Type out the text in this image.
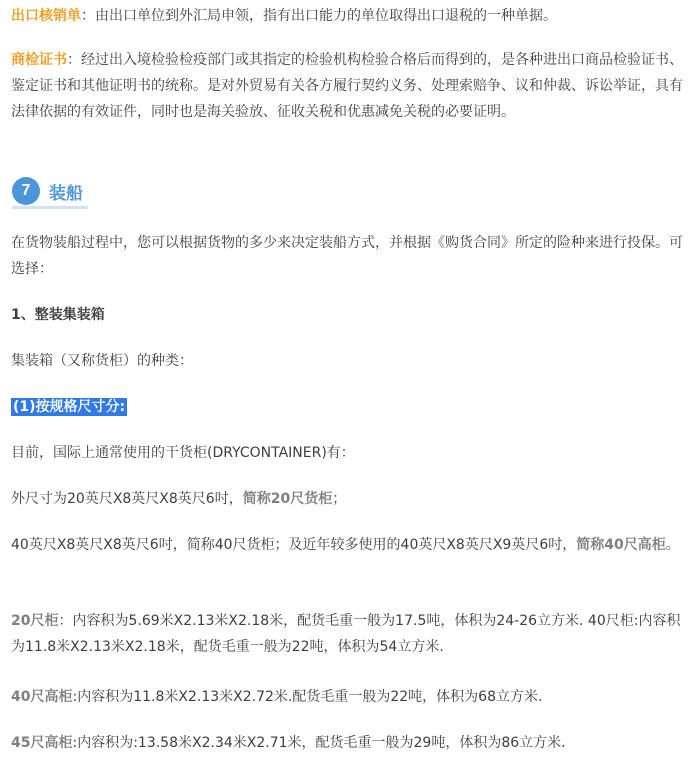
出口核销单：由出口单位到外汇局申领，指有出口能力的单位取得出口退税的一种单据。

商检证书：经过出入境检验检疫部门或其指定的检验机构检验合格后而得到的，是各种进出口商品检验证书、鉴定证书和其他证明书的统称。是对外贸易有关各方履行契约义务、处理索赔争、议和仲裁、诉讼举证，具有法律依据的有效证件，同时也是海关验放、征收关税和优惠减免关税的必要证明。

7	装船

在货物装船过程中，您可以根据货物的多少来决定装船方式，并根据《购货合同》所定的险种来进行投保。可选择：

1、整装集装箱

集装箱（又称货柜）的种类：

(1)按规格尺寸分:

目前，国际上通常使用的干货柜(DRYCONTAINER)有：

外尺寸为20英尺X8英尺X8英尺6吋，简称20尺货柜；

40英尺X8英尺X8英尺6吋，简称40尺货柜；及近年较多使用的40英尺X8英尺X9英尺6吋，简称40尺高柜。

20尺柜：内容积为5.69米X2.13米X2.18米，配货毛重一般为17.5吨，体积为24-26立方米. 40尺柜:内容积为11.8米X2.13米X2.18米，配货毛重一般为22吨，体积为54立方米.

40尺高柜:内容积为11.8米X2.13米X2.72米.配货毛重一般为22吨，体积为68立方米.

45尺高柜:内容积为:13.58米X2.34米X2.71米，配货毛重一般为29吨，体积为86立方米.
